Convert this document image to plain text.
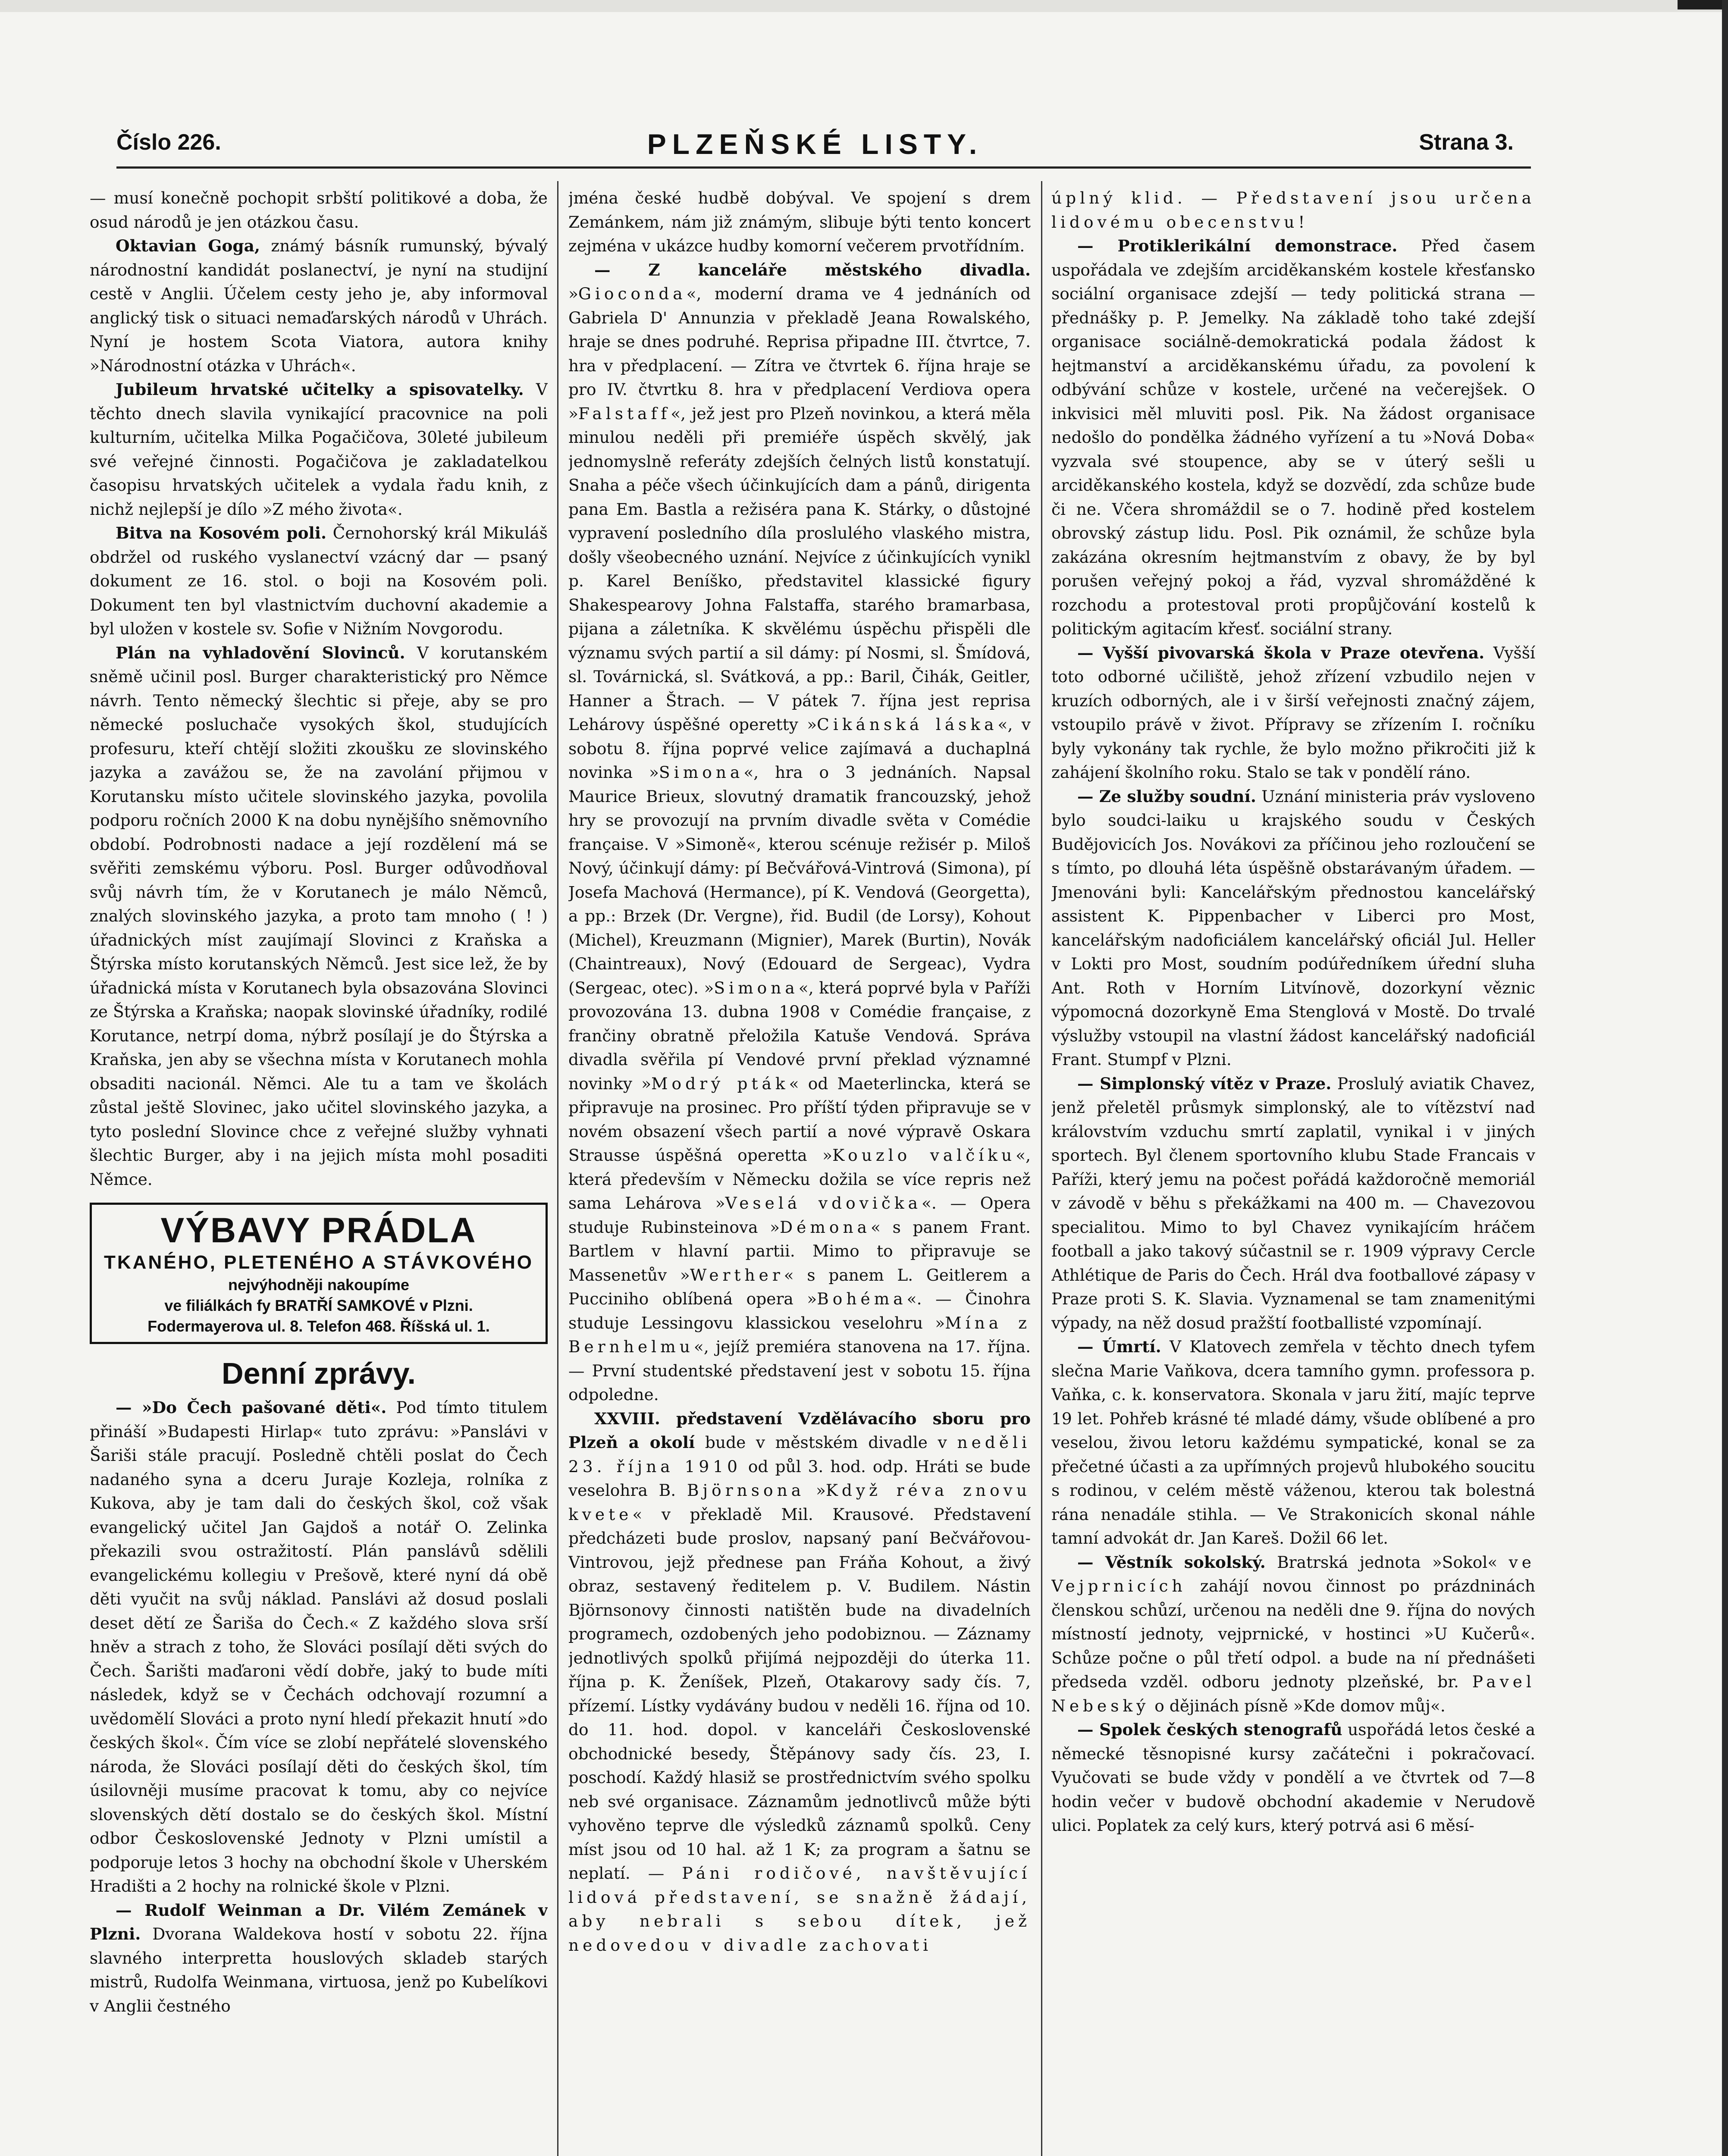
Číslo 226.	PLZEŇSKÉ LISTY.	Strana 3.

— musí konečně pochopit srbští politikové a doba, že osud národů je jen otázkou času.

Oktavian Goga, známý básník rumunský, bývalý národnostní kandidát poslanectví, je nyní na studijní cestě v Anglii. Účelem cesty jeho je, aby informoval anglický tisk o situaci nemaďarských národů v Uhrách. Nyní je hostem Scota Viatora, autora knihy »Národnostní otázka v Uhrách«.

Jubileum hrvatské učitelky a spisovatelky. V těchto dnech slavila vynikající pracovnice na poli kulturním, učitelka Milka Pogačičova, 30leté jubileum své veřejné činnosti. Pogačičova je zakladatelkou časopisu hrvatských učitelek a vydala řadu knih, z nichž nejlepší je dílo »Z mého života«.

Bitva na Kosovém poli. Černohorský král Mikuláš obdržel od ruského vyslanectví vzácný dar — psaný dokument ze 16. stol. o boji na Kosovém poli. Dokument ten byl vlastnictvím duchovní akademie a byl uložen v kostele sv. Sofie v Nižním Novgorodu.

Plán na vyhladovění Slovinců. V korutanském sněmě učinil posl. Burger charakteristický pro Němce návrh. Tento německý šlechtic si přeje, aby se pro německé posluchače vysokých škol, studujících profesuru, kteří chtějí složiti zkoušku ze slovinského jazyka a zavážou se, že na zavolání přijmou v Korutansku místo učitele slovinského jazyka, povolila podporu ročních 2000 K na dobu nynějšího sněmovního období. Podrobnosti nadace a její rozdělení má se svěřiti zemskému výboru. Posl. Burger odůvodňoval svůj návrh tím, že v Korutanech je málo Němců, znalých slovinského jazyka, a proto tam mnoho ( ! ) úřadnických míst zaujímají Slovinci z Kraňska a Štýrska místo korutanských Němců. Jest sice lež, že by úřadnická místa v Korutanech byla obsazována Slovinci ze Štýrska a Kraňska; naopak slovinské úřadníky, rodilé Korutance, netrpí doma, nýbrž posílají je do Štýrska a Kraňska, jen aby se všechna místa v Korutanech mohla obsaditi nacionál. Němci. Ale tu a tam ve školách zůstal ještě Slovinec, jako učitel slovinského jazyka, a tyto poslední Slovince chce z veřejné služby vyhnati šlechtic Burger, aby i na jejich místa mohl posaditi Němce.

VÝBAVY PRÁDLA
TKANÉHO, PLETENÉHO A STÁVKOVÉHO
nejvýhodněji nakoupíme
ve filiálkách fy BRATŘÍ SAMKOVÉ v Plzni.
Fodermayerova ul. 8. Telefon 468. Říšská ul. 1.
Denní zprávy.

— »Do Čech pašované děti«. Pod tímto titulem přináší »Budapesti Hirlap« tuto zprávu: »Panslávi v Šariši stále pracují. Posledně chtěli poslat do Čech nadaného syna a dceru Juraje Kozleja, rolníka z Kukova, aby je tam dali do českých škol, což však evangelický učitel Jan Gajdoš a notář O. Zelinka překazili svou ostražitostí. Plán panslávů sdělili evangelickému kollegiu v Prešově, které nyní dá obě děti vyučit na svůj náklad. Panslávi až dosud poslali deset dětí ze Šariša do Čech.« Z každého slova srší hněv a strach z toho, že Slováci posílají děti svých do Čech. Šarišti maďaroni vědí dobře, jaký to bude míti následek, když se v Čechách odchovají rozumní a uvědomělí Slováci a proto nyní hledí překazit hnutí »do českých škol«. Čím více se zlobí nepřátelé slovenského národa, že Slováci posílají děti do českých škol, tím úsilovněji musíme pracovat k tomu, aby co nejvíce slovenských dětí dostalo se do českých škol. Místní odbor Československé Jednoty v Plzni umístil a podporuje letos 3 hochy na obchodní škole v Uherském Hradišti a 2 hochy na rolnické škole v Plzni.

— Rudolf Weinman a Dr. Vilém Zemánek v Plzni. Dvorana Waldekova hostí v sobotu 22. října slavného interpretta houslových skladeb starých mistrů, Rudolfa Weinmana, virtuosa, jenž po Kubelíkovi v Anglii čestného

jména české hudbě dobýval. Ve spojení s drem Zemánkem, nám již známým, slibuje býti tento koncert zejména v ukázce hudby komorní večerem prvotřídním.

— Z kanceláře městského divadla. »Gioconda«, moderní drama ve 4 jednáních od Gabriela D' Annunzia v překladě Jeana Rowalského, hraje se dnes podruhé. Reprisa připadne III. čtvrtce, 7. hra v předplacení. — Zítra ve čtvrtek 6. října hraje se pro IV. čtvrtku 8. hra v předplacení Verdiova opera »Falstaff«, jež jest pro Plzeň novinkou, a která měla minulou neděli při premiéře úspěch skvělý, jak jednomyslně referáty zdejších čelných listů konstatují. Snaha a péče všech účinkujících dam a pánů, dirigenta pana Em. Bastla a režiséra pana K. Stárky, o důstojné vypravení posledního díla proslulého vlaského mistra, došly všeobecného uznání. Nejvíce z účinkujících vynikl p. Karel Beníško, představitel klassické figury Shakespearovy Johna Falstaffa, starého bramarbasa, pijana a záletníka. K skvělému úspěchu přispěli dle významu svých partií a sil dámy: pí Nosmi, sl. Šmídová, sl. Továrnická, sl. Svátková, a pp.: Baril, Čihák, Geitler, Hanner a Štrach. — V pátek 7. října jest reprisa Lehárovy úspěšné operetty »Cikánská láska«, v sobotu 8. října poprvé velice zajímavá a duchaplná novinka »Simona«, hra o 3 jednáních. Napsal Maurice Brieux, slovutný dramatik francouzský, jehož hry se provozují na prvním divadle světa v Comédie française. V »Simoně«, kterou scénuje režisér p. Miloš Nový, účinkují dámy: pí Bečvářová-Vintrová (Simona), pí Josefa Machová (Hermance), pí K. Vendová (Georgetta), a pp.: Brzek (Dr. Vergne), řid. Budil (de Lorsy), Kohout (Michel), Kreuzmann (Mignier), Marek (Burtin), Novák (Chaintreaux), Nový (Edouard de Sergeac), Vydra (Sergeac, otec). »Simona«, která poprvé byla v Paříži provozována 13. dubna 1908 v Comédie française, z frančiny obratně přeložila Katuše Vendová. Správa divadla svěřila pí Vendové první překlad významné novinky »Modrý pták« od Maeterlincka, která se připravuje na prosinec. Pro příští týden připravuje se v novém obsazení všech partií a nové výpravě Oskara Strausse úspěšná operetta »Kouzlo valčíku«, která především v Německu dožila se více repris než sama Lehárova »Veselá vdovička«. — Opera studuje Rubinsteinova »Démona« s panem Frant. Bartlem v hlavní partii. Mimo to připravuje se Massenetův »Werther« s panem L. Geitlerem a Pucciniho oblíbená opera »Bohéma«. — Činohra studuje Lessingovu klassickou veselohru »Mína z Bernhelmu«, jejíž premiéra stanovena na 17. října. — První studentské představení jest v sobotu 15. října odpoledne.

XXVIII. představení Vzdělávacího sboru pro Plzeň a okolí bude v městském divadle v neděli 23. října 1910 od půl 3. hod. odp. Hráti se bude veselohra B. Björnsona »Když réva znovu kvete« v překladě Mil. Krausové. Představení předcházeti bude proslov, napsaný paní Bečvářovou-Vintrovou, jejž přednese pan Fráňa Kohout, a živý obraz, sestavený ředitelem p. V. Budilem. Nástin Björnsonovy činnosti natištěn bude na divadelních programech, ozdobených jeho podobiznou. — Záznamy jednotlivých spolků přijímá nejpozději do úterka 11. října p. K. Ženíšek, Plzeň, Otakarovy sady čís. 7, přízemí. Lístky vydávány budou v neděli 16. října od 10. do 11. hod. dopol. v kanceláři Československé obchodnické besedy, Štěpánovy sady čís. 23, I. poschodí. Každý hlasiž se prostřednictvím svého spolku neb své organisace. Záznamům jednotlivců může býti vyhověno teprve dle výsledků záznamů spolků. Ceny míst jsou od 10 hal. až 1 K; za program a šatnu se neplatí. — Páni rodičové, navštěvující lidová představení, se snažně žádají, aby nebrali s sebou dítek, jež nedovedou v divadle zachovati

úplný klid. — Představení jsou určena lidovému obecenstvu!

— Protiklerikální demonstrace. Před časem uspořádala ve zdejším arciděkanském kostele křesťansko sociální organisace zdejší — tedy politická strana — přednášky p. P. Jemelky. Na základě toho také zdejší organisace sociálně-demokratická podala žádost k hejtmanství a arciděkanskému úřadu, za povolení k odbývání schůze v kostele, určené na večerejšek. O inkvisici měl mluviti posl. Pik. Na žádost organisace nedošlo do pondělka žádného vyřízení a tu »Nová Doba« vyzvala své stoupence, aby se v úterý sešli u arciděkanského kostela, když se dozvědí, zda schůze bude či ne. Včera shromáždil se o 7. hodině před kostelem obrovský zástup lidu. Posl. Pik oznámil, že schůze byla zakázána okresním hejtmanstvím z obavy, že by byl porušen veřejný pokoj a řád, vyzval shromážděné k rozchodu a protestoval proti propůjčování kostelů k politickým agitacím křesť. sociální strany.

— Vyšší pivovarská škola v Praze otevřena. Vyšší toto odborné učiliště, jehož zřízení vzbudilo nejen v kruzích odborných, ale i v širší veřejnosti značný zájem, vstoupilo právě v život. Přípravy se zřízením I. ročníku byly vykonány tak rychle, že bylo možno přikročiti již k zahájení školního roku. Stalo se tak v pondělí ráno.

— Ze služby soudní. Uznání ministeria práv vysloveno bylo soudci-laiku u krajského soudu v Českých Budějovicích Jos. Novákovi za příčinou jeho rozloučení se s tímto, po dlouhá léta úspěšně obstarávaným úřadem. — Jmenováni byli: Kancelářským přednostou kancelářský assistent K. Pippenbacher v Liberci pro Most, kancelářským nadoficiálem kancelářský oficiál Jul. Heller v Lokti pro Most, soudním podúředníkem úřední sluha Ant. Roth v Horním Litvínově, dozorkyní věznic výpomocná dozorkyně Ema Stenglová v Mostě. Do trvalé výslužby vstoupil na vlastní žádost kancelářský nadoficiál Frant. Stumpf v Plzni.

— Simplonský vítěz v Praze. Proslulý aviatik Chavez, jenž přeletěl průsmyk simplonský, ale to vítězství nad královstvím vzduchu smrtí zaplatil, vynikal i v jiných sportech. Byl členem sportovního klubu Stade Francais v Paříži, který jemu na počest pořádá každoročně memoriál v závodě v běhu s překážkami na 400 m. — Chavezovou specialitou. Mimo to byl Chavez vynikajícím hráčem football a jako takový súčastnil se r. 1909 výpravy Cercle Athlétique de Paris do Čech. Hrál dva footballové zápasy v Praze proti S. K. Slavia. Vyznamenal se tam znamenitými výpady, na něž dosud pražští footballisté vzpomínají.

— Úmrtí. V Klatovech zemřela v těchto dnech tyfem slečna Marie Vaňkova, dcera tamního gymn. professora p. Vaňka, c. k. konservatora. Skonala v jaru žití, majíc teprve 19 let. Pohřeb krásné té mladé dámy, všude oblíbené a pro veselou, živou letoru každému sympatické, konal se za přečetné účasti a za upřímných projevů hlubokého soucitu s rodinou, v celém městě váženou, kterou tak bolestná rána nenadále stihla. — Ve Strakonicích skonal náhle tamní advokát dr. Jan Kareš. Dožil 66 let.

— Věstník sokolský. Bratrská jednota »Sokol« ve Vejprnicích zahájí novou činnost po prázdninách členskou schůzí, určenou na neděli dne 9. října do nových místností jednoty, vejprnické, v hostinci »U Kučerů«. Schůze počne o půl třetí odpol. a bude na ní přednášeti předseda vzděl. odboru jednoty plzeňské, br. Pavel Nebeský o dějinách písně »Kde domov můj«.

— Spolek českých stenografů uspořádá letos české a německé těsnopisné kursy začátečni i pokračovací. Vyučovati se bude vždy v pondělí a ve čtvrtek od 7—8 hodin večer v budově obchodní akademie v Nerudově ulici. Poplatek za celý kurs, který potrvá asi 6 měsí-
